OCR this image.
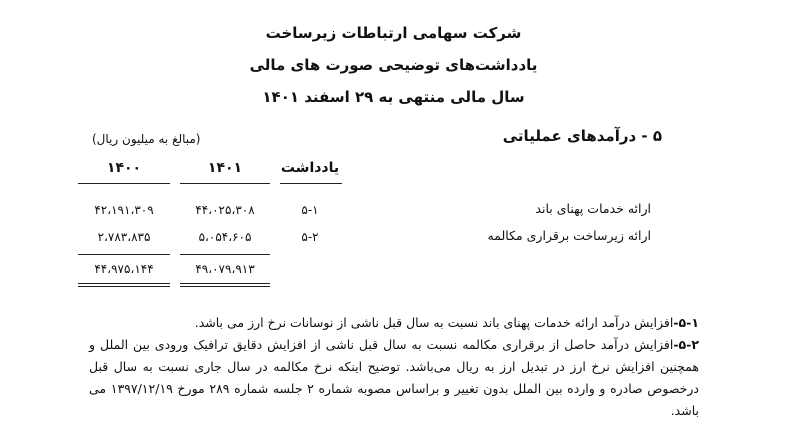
شرکت سهامی ارتباطات زیرساخت
یادداشت‌های توضیحی صورت های مالی
سال مالی منتهی به ۲۹ اسفند ۱۴۰۱
۵ - درآمدهای عملیاتی
(مبالغ به میلیون ریال)
یادداشت
۱۴۰۱
۱۴۰۰
ارائه خدمات پهنای باند
۵-۱
۴۴،۰۲۵،۳۰۸
۴۲،۱۹۱،۳۰۹
ارائه زیرساخت برقراری مکالمه
۵-۲
۵،۰۵۴،۶۰۵
۲،۷۸۳،۸۳۵
۴۹،۰۷۹،۹۱۳
۴۴،۹۷۵،۱۴۴

۵-۱-افزایش درآمد ارائه خدمات پهنای باند نسبت به سال قبل ناشی از نوسانات نرخ ارز می باشد.

۵-۲-افزایش درآمد حاصل از برقراری مکالمه نسبت به سال قبل ناشی از افزایش دقایق ترافیک ورودی بین الملل و همچنین افزایش نرخ ارز در تبدیل ارز به ریال می‌باشد. توضیح اینکه نرخ مکالمه در سال جاری نسبت به سال قبل درخصوص صادره و وارده بین الملل بدون تغییر و براساس مصوبه شماره ۲ جلسه شماره ۲۸۹ مورخ ۱۳۹۷/۱۲/۱۹ می باشد.
